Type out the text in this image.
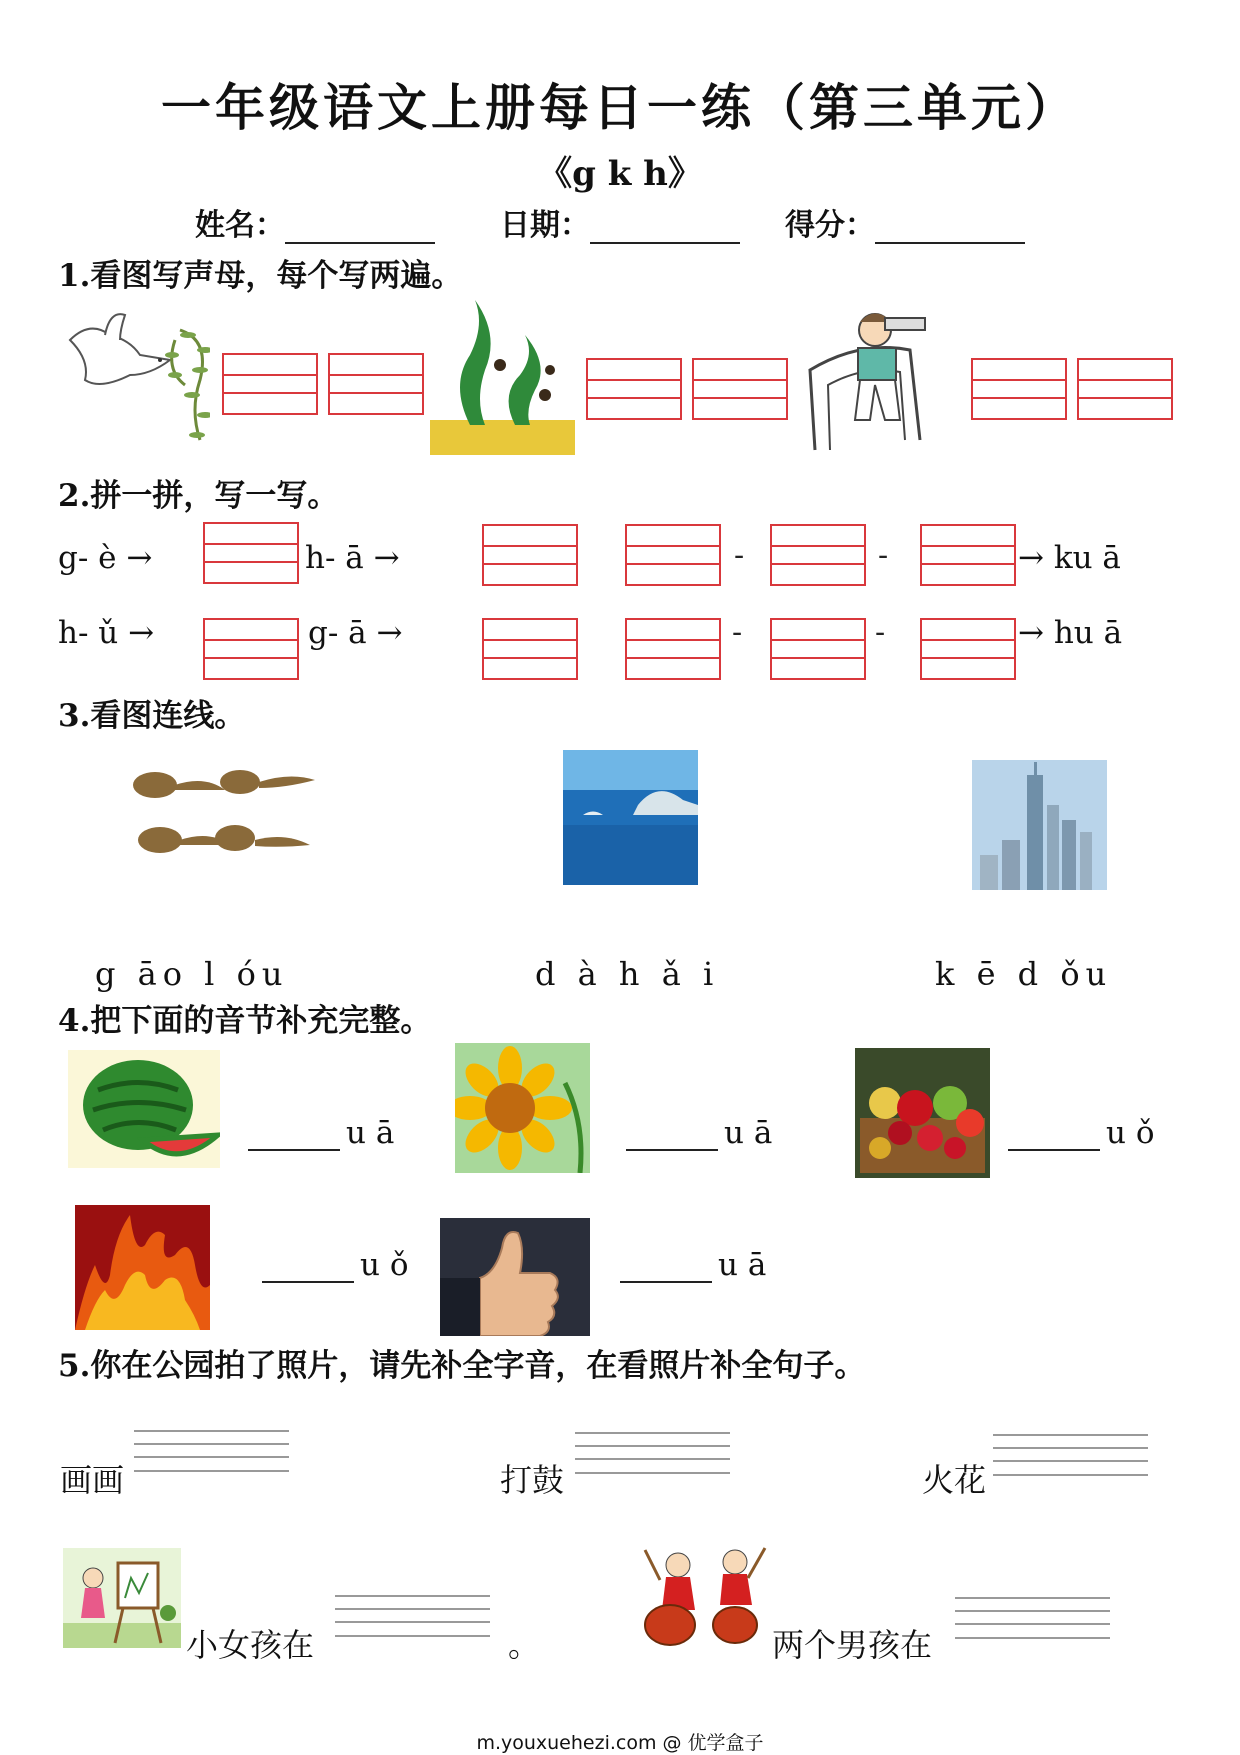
一年级语文上册每日一练（第三单元）
《g k h》
姓名：	日期：	得分：
1.看图写声母，每个写两遍。
2.拼一拼，写一写。
g- è →	h- ā →	-	-	→ ku ā
h- ǔ →	g- ā →	-	-	→ hu ā
3.看图连线。
g āo l óu	d à h ǎ i	k ē d ǒu
4.把下面的音节补充完整。
u ā	u ā	u ǒ
u ǒ	u ā
5.你在公园拍了照片，请先补全字音，在看照片补全句子。
画画	打鼓	火花
小女孩在	。	两个男孩在
m.youxuehezi.com @ 优学盒子
